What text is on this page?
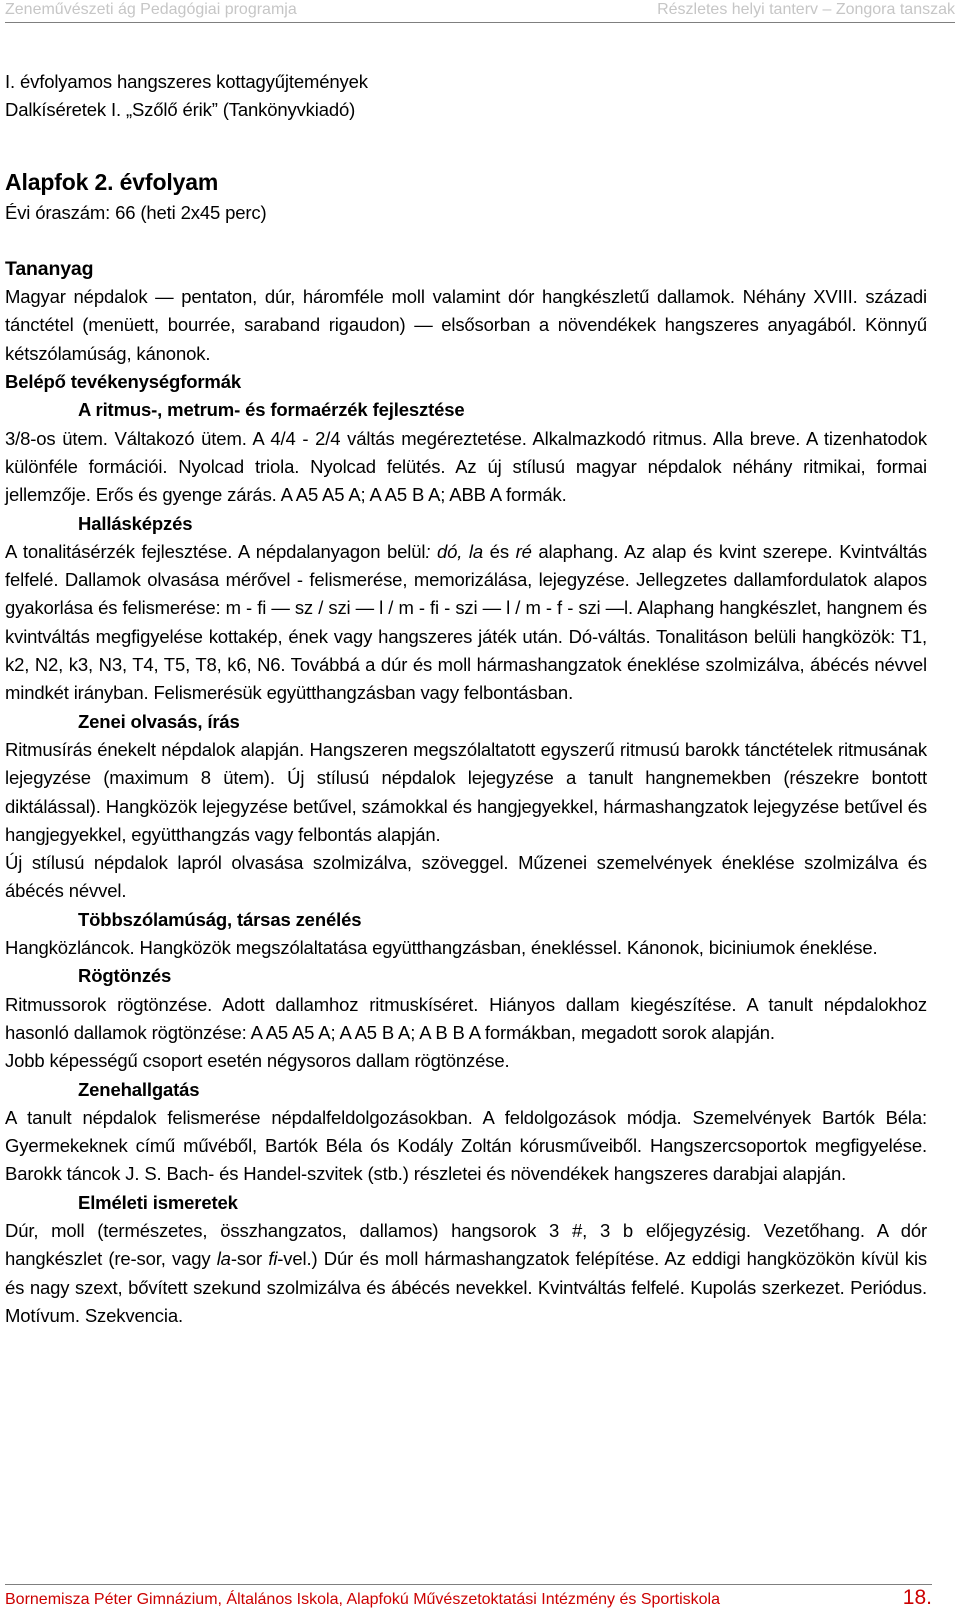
Zeneművészeti ág Pedagógiai programja	Részletes helyi tanterv – Zongora tanszak

I. évfolyamos hangszeres kottagyűjtemények

Dalkíséretek I. „Szőlő érik” (Tankönyvkiadó)

Alapfok 2. évfolyam

Évi óraszám: 66 (heti 2x45 perc)

Tananyag

Magyar népdalok — pentaton, dúr, háromféle moll valamint dór hangkészletű dallamok. Néhány XVIII. századi tánctétel (menüett, bourrée, saraband rigaudon) — elsősorban a növendékek hangszeres anyagából. Könnyű kétszólamúság, kánonok.

Belépő tevékenységformák

A ritmus-, metrum- és formaérzék fejlesztése

3/8-os ütem. Váltakozó ütem. A 4/4 - 2/4 váltás megéreztetése. Alkalmazkodó ritmus. Alla breve. A tizenhatodok különféle formációi. Nyolcad triola. Nyolcad felütés. Az új stílusú magyar népdalok néhány ritmikai, formai jellemzője. Erős és gyenge zárás. A A5 A5 A; A A5 B A; ABB A formák.

Hallásképzés

A tonalitásérzék fejlesztése. A népdalanyagon belül: dó, la és ré alaphang. Az alap és kvint szerepe. Kvintváltás felfelé. Dallamok olvasása mérővel - felismerése, memorizálása, lejegyzése. Jellegzetes dallamfordulatok alapos gyakorlása és felismerése: m - fi — sz / szi — l / m - fi - szi — l / m - f - szi —l. Alaphang hangkészlet, hangnem és kvintváltás megfigyelése kottakép, ének vagy hangszeres játék után. Dó-váltás. Tonalitáson belüli hangközök: T1, k2, N2, k3, N3, T4, T5, T8, k6, N6. Továbbá a dúr és moll hármashangzatok éneklése szolmizálva, ábécés névvel mindkét irányban. Felismerésük együtthangzásban vagy felbontásban.

Zenei olvasás, írás

Ritmusírás énekelt népdalok alapján. Hangszeren megszólaltatott egyszerű ritmusú barokk tánctételek ritmusának lejegyzése (maximum 8 ütem). Új stílusú népdalok lejegyzése a tanult hangnemekben (részekre bontott diktálással). Hangközök lejegyzése betűvel, számokkal és hangjegyekkel, hármashangzatok lejegyzése betűvel és hangjegyekkel, együtthangzás vagy felbontás alapján.

Új stílusú népdalok lapról olvasása szolmizálva, szöveggel. Műzenei szemelvények éneklése szolmizálva és ábécés névvel.

Többszólamúság, társas zenélés

Hangközláncok. Hangközök megszólaltatása együtthangzásban, énekléssel. Kánonok, biciniumok éneklése.

Rögtönzés

Ritmussorok rögtönzése. Adott dallamhoz ritmuskíséret. Hiányos dallam kiegészítése. A tanult népdalokhoz hasonló dallamok rögtönzése: A A5 A5 A; A A5 B A; A B B A formákban, megadott sorok alapján.

Jobb képességű csoport esetén négysoros dallam rögtönzése.

Zenehallgatás

A tanult népdalok felismerése népdalfeldolgozásokban. A feldolgozások módja. Szemelvények Bartók Béla: Gyermekeknek című művéből, Bartók Béla ós Kodály Zoltán kórusműveiből. Hangszercsoportok megfigyelése. Barokk táncok J. S. Bach- és Handel-szvitek (stb.) részletei és növendékek hangszeres darabjai alapján.

Elméleti ismeretek

Dúr, moll (természetes, összhangzatos, dallamos) hangsorok 3 #, 3 b előjegyzésig. Vezetőhang. A dór hangkészlet (re-sor, vagy la-sor fi-vel.) Dúr és moll hármashangzatok felépítése. Az eddigi hangközökön kívül kis és nagy szext, bővített szekund szolmizálva és ábécés nevekkel. Kvintváltás felfelé. Kupolás szerkezet. Periódus. Motívum. Szekvencia.

Bornemisza Péter Gimnázium, Általános Iskola, Alapfokú Művészetoktatási Intézmény és Sportiskola	18.
